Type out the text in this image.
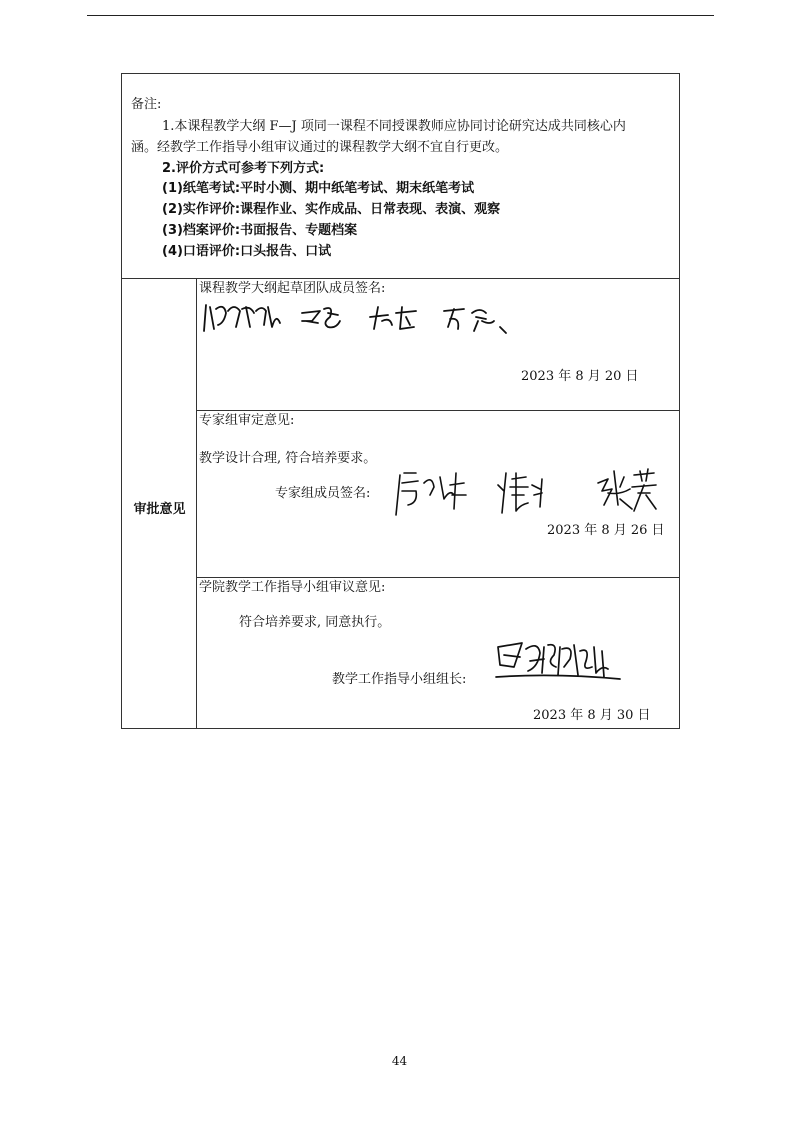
备注:

1.本课程教学大纲 F—J 项同一课程不同授课教师应协同讨论研究达成共同核心内

涵。经教学工作指导小组审议通过的课程教学大纲不宜自行更改。

2.评价方式可参考下列方式:

(1)纸笔考试:平时小测、期中纸笔考试、期末纸笔考试

(2)实作评价:课程作业、实作成品、日常表现、表演、观察

(3)档案评价:书面报告、专题档案

(4)口语评价:口头报告、口试

审批意见
课程教学大纲起草团队成员签名:
2023 年 8 月 20 日
专家组审定意见:
教学设计合理, 符合培养要求。
专家组成员签名:
2023 年 8 月 26 日
学院教学工作指导小组审议意见:
符合培养要求, 同意执行。
教学工作指导小组组长:
2023 年 8 月 30 日
44
